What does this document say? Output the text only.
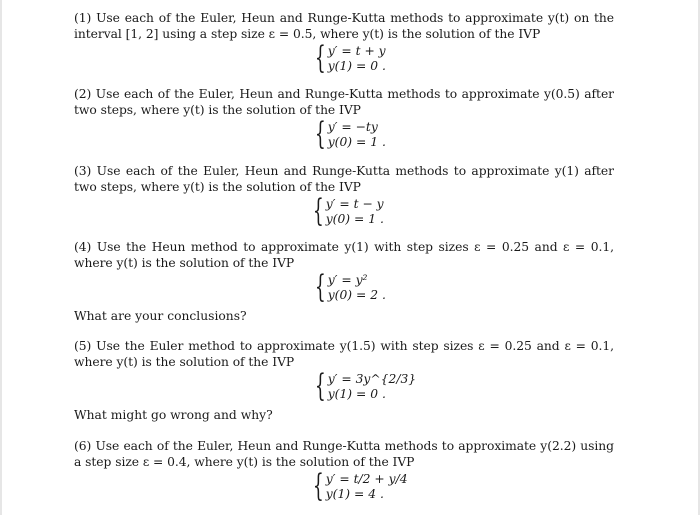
(1) Use each of the Euler, Heun and Runge-Kutta methods to approximate y(t) on the interval [1, 2] using a step size ε = 0.5, where y(t) is the solution of the IVP
{ y′ = t + y
y(1) = 0 .
(2) Use each of the Euler, Heun and Runge-Kutta methods to approximate y(0.5) after two steps, where y(t) is the solution of the IVP
{ y′ = −ty
y(0) = 1 .
(3) Use each of the Euler, Heun and Runge-Kutta methods to approximate y(1) after two steps, where y(t) is the solution of the IVP
{ y′ = t − y
y(0) = 1 .
(4) Use the Heun method to approximate y(1) with step sizes ε = 0.25 and ε = 0.1, where y(t) is the solution of the IVP
{ y′ = y²
y(0) = 2 .
What are your conclusions?
(5) Use the Euler method to approximate y(1.5) with step sizes ε = 0.25 and ε = 0.1, where y(t) is the solution of the IVP
{ y′ = 3y^{2/3}
y(1) = 0 .
What might go wrong and why?
(6) Use each of the Euler, Heun and Runge-Kutta methods to approximate y(2.2) using a step size ε = 0.4, where y(t) is the solution of the IVP
{ y′ = t/2 + y/4
y(1) = 4 .
